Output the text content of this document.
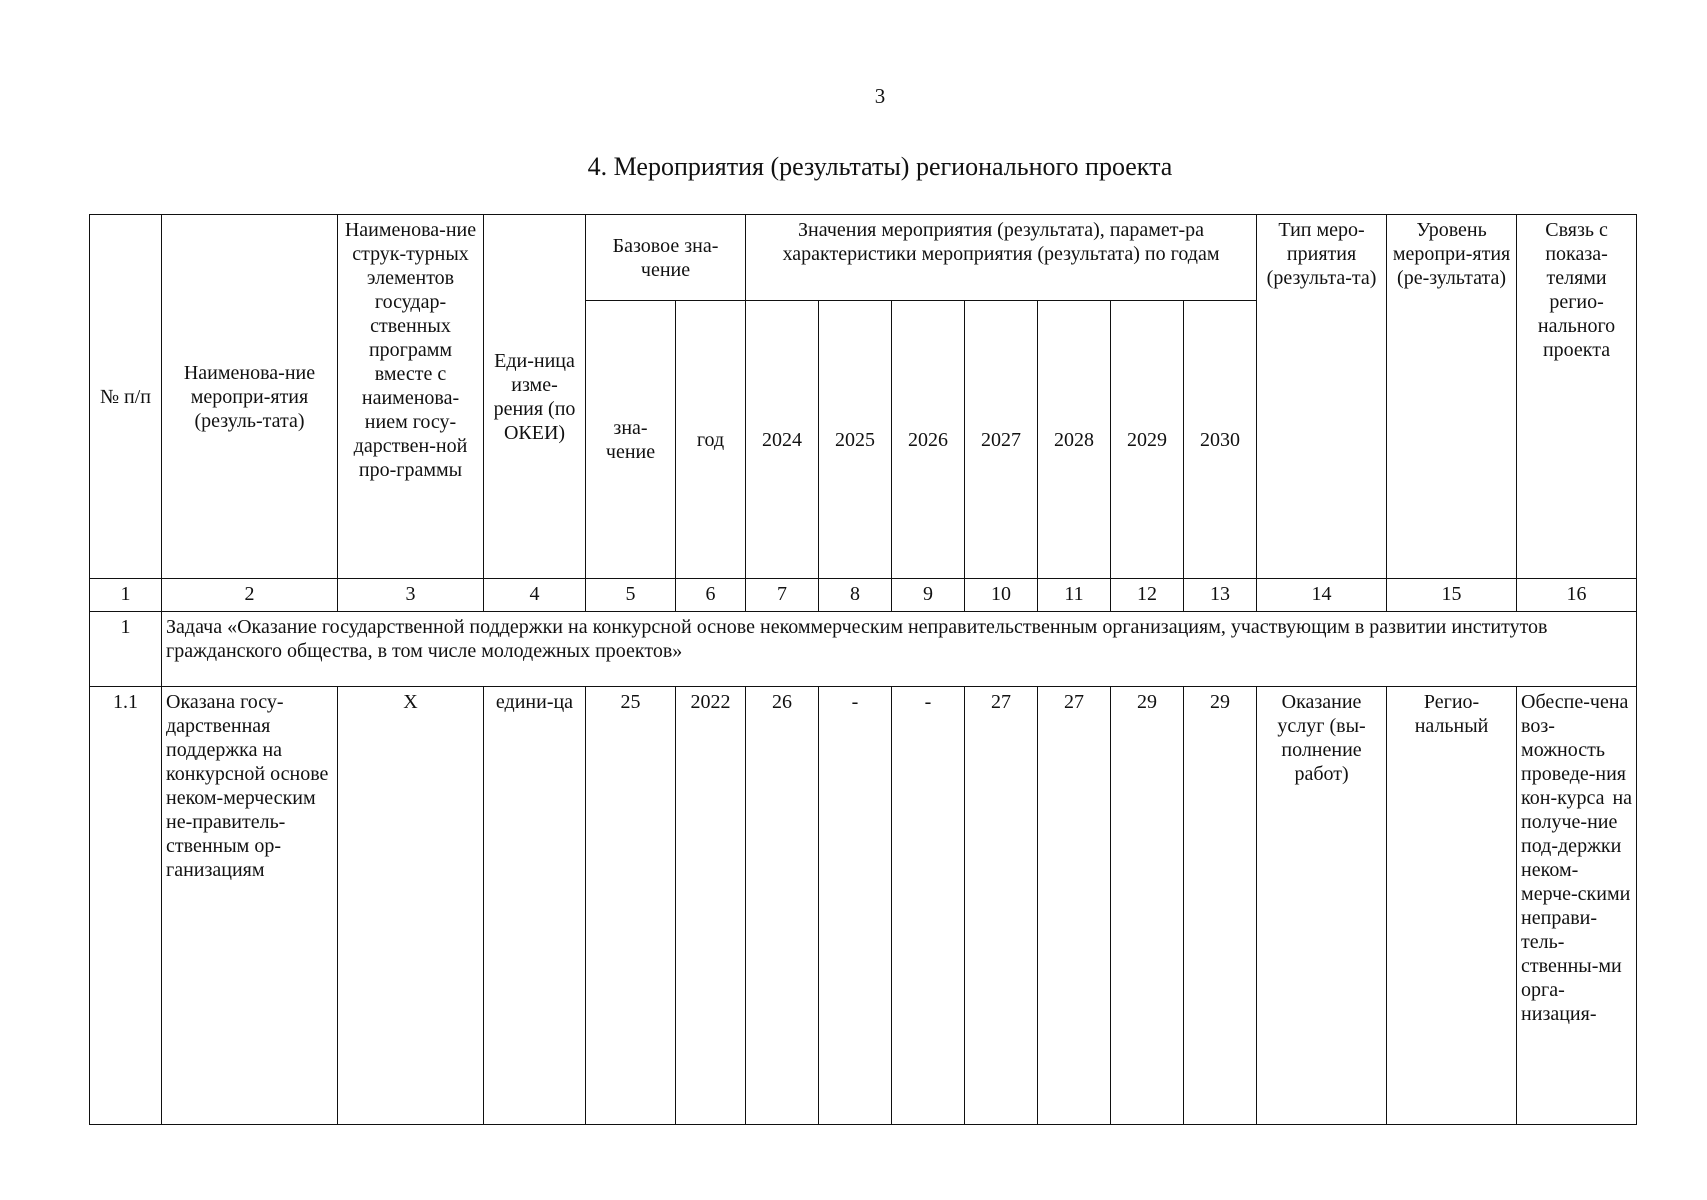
3
4. Мероприятия (результаты) регионального проекта
№ п/п	Наименова-ние меропри-ятия (резуль-тата)	Наименова-ние струк-турных элементов государ-ственных программ вместе с наименова-нием госу-дарствен-ной про-граммы	Еди-ница изме-рения (по ОКЕИ)	Базовое зна-чение		Значения мероприятия (результата), парамет-ра характеристики мероприятия (результата) по годам							Тип меро-приятия (результа-та)	Уровень меропри-ятия (ре-зультата)	Связь с показа-телями регио-нального проекта
				зна-чение	год	2024	2025	2026	2027	2028	2029	2030			
1	2	3	4	5	6	7	8	9	10	11	12	13	14	15	16
1	Задача «Оказание государственной поддержки на конкурсной основе некоммерческим неправительственным организациям, участвующим в развитии институтов гражданского общества, в том числе молодежных проектов»														
1.1	Оказана госу-дарственная поддержка на конкурсной основе неком-мерческим не-правитель-ственным ор-ганизациям	Х	едини-ца	25	2022	26	-	-	27	27	29	29	Оказание услуг (вы-полнение работ)	Регио-нальный	Обеспе-чена воз-можность проведе-ния кон-курса на получе-ние под-держки неком-мерче-скими неправи-тель-ственны-ми орга-низация-
